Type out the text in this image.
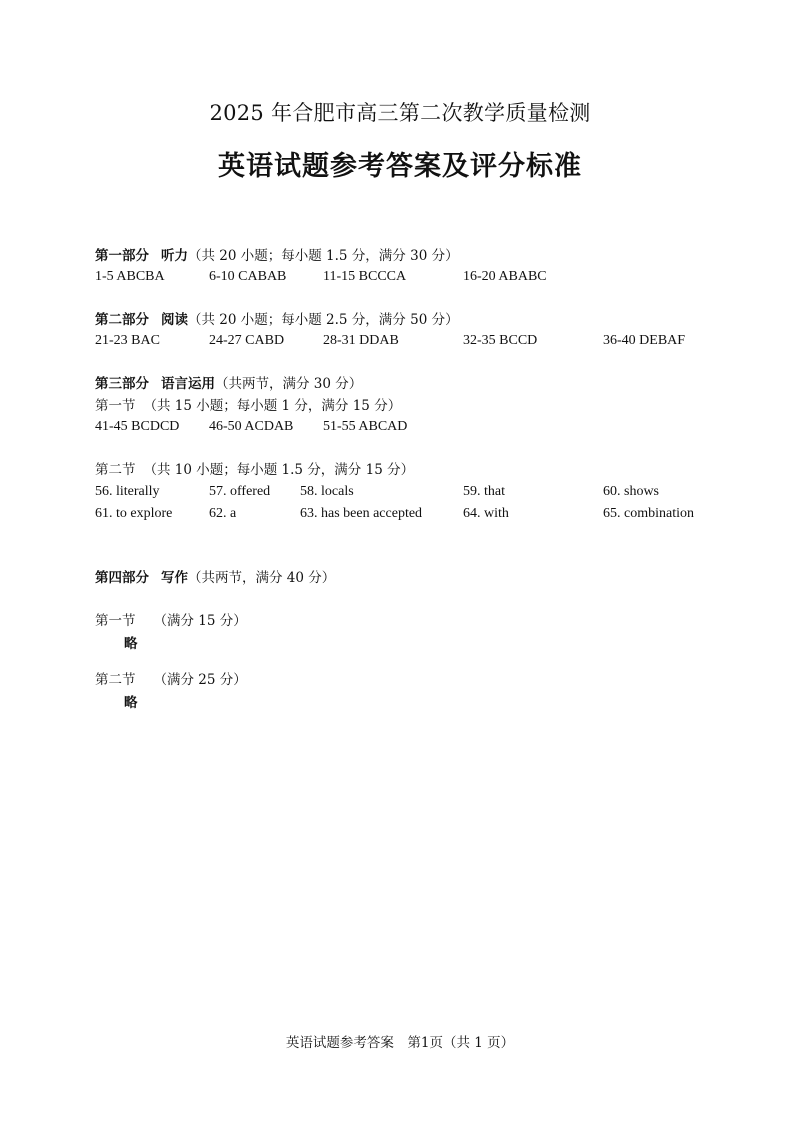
2025 年合肥市高三第二次教学质量检测
英语试题参考答案及评分标准
第一部分 听力（共 20 小题；每小题 1.5 分，满分 30 分）
1-5 ABCBA	6-10 CABAB	11-15 BCCCA	16-20 ABABC
第二部分 阅读（共 20 小题；每小题 2.5 分，满分 50 分）
21-23 BAC	24-27 CABD	28-31 DDAB	32-35 BCCD	36-40 DEBAF
第三部分 语言运用（共两节，满分 30 分）
第一节 （共 15 小题；每小题 1 分，满分 15 分）
41-45 BCDCD 46-50 ACDAB 51-55 ABCAD
第二节 （共 10 小题；每小题 1.5 分，满分 15 分）
56. literally	57. offered 58. locals	59. that	60. shows
61. to explore	62. a	63. has been accepted	64. with	65. combination
第四部分 写作（共两节，满分 40 分）
第一节 （满分 15 分）
略
第二节 （满分 25 分）
略
英语试题参考答案　第1页（共 1 页）
